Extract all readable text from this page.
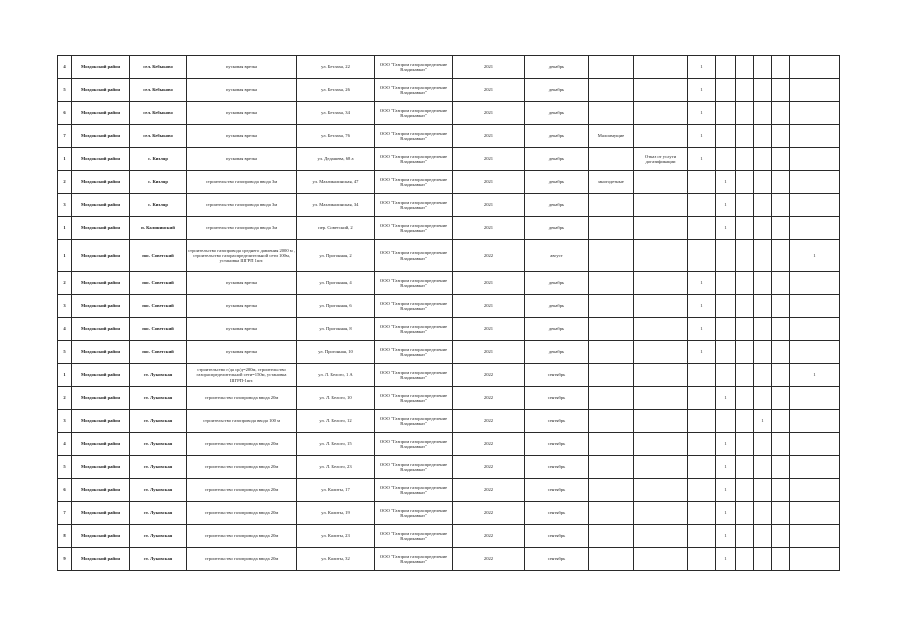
4	Моздокский район	сел. Кебыково	пусковая врезка	ул. Бетлаха, 22	ООО "Газпром газораспределение Владикавказ"	2021	декабрь			1					
5	Моздокский район	сел. Кебыково	пусковая врезка	ул. Бетлаха, 26	ООО "Газпром газораспределение Владикавказ"	2021	декабрь			1					
6	Моздокский район	сел. Кебыково	пусковая врезка	ул. Бетлаха, 34	ООО "Газпром газораспределение Владикавказ"	2021	декабрь			1					
7	Моздокский район	сел. Кебыково	пусковая врезка	ул. Бетлаха, 76	ООО "Газпром газораспределение Владикавказ"	2021	декабрь	Малоимущие		1					
1	Моздокский район	с. Кизляр	пусковая врезка	ул. Дедашева, 68 а	ООО "Газпром газораспределение Владикавказ"	2021	декабрь		Отказ от услуги догазификации	1					
2	Моздокский район	с. Кизляр	строительство газопровода ввода 3м	ул. Махачкалинская, 47	ООО "Газпром газораспределение Владикавказ"	2021	декабрь	многодетные			1				
3	Моздокский район	с. Кизляр	строительство газопровода ввода 3м	ул. Махачкалинская, 34	ООО "Газпром газораспределение Владикавказ"	2021	декабрь				1				
1	Моздокский район	п. Калининский	строительство газопровода ввода 3м	пер. Советский, 2	ООО "Газпром газораспределение Владикавказ"	2021	декабрь				1				
1	Моздокский район	пос. Советский	строительство газопровода среднего давления 2000 м , строительство газораспределительной сети 100м, установка ШГРП 1шт.	ул. Прогонная, 2	ООО "Газпром газораспределение Владикавказ"	2022	август								1
2	Моздокский район	пос. Советский	пусковая врезка	ул. Прогонная, 4	ООО "Газпром газораспределение Владикавказ"	2021	декабрь			1					
3	Моздокский район	пос. Советский	пусковая врезка	ул. Прогонная, 6	ООО "Газпром газораспределение Владикавказ"	2021	декабрь			1					
4	Моздокский район	пос. Советский	пусковая врезка	ул. Прогонная, 8	ООО "Газпром газораспределение Владикавказ"	2021	декабрь			1					
5	Моздокский район	пос. Советский	пусковая врезка	ул. Прогонная, 10	ООО "Газпром газораспределение Владикавказ"	2021	декабрь			1					
1	Моздокский район	ст. Луковская	строительство г/да ср/д=200м, строительство газораспределительной сети=150м, установка ШГРП-1шт.	ул. Л. Белого, 1 А	ООО "Газпром газораспределение Владикавказ"	2022	сентябрь								1
2	Моздокский район	ст. Луковская	строительство газопровода ввода 20м	ул. Л. Белого, 10	ООО "Газпром газораспределение Владикавказ"	2022	сентябрь				1				
3	Моздокский район	ст. Луковская	строительство газопровода ввода 100 м	ул. Л. Белого, 12	ООО "Газпром газораспределение Владикавказ"	2022	сентябрь						1		
4	Моздокский район	ст. Луковская	строительство газопровода ввода 20м	ул. Л. Белого, 15	ООО "Газпром газораспределение Владикавказ"	2022	сентябрь				1				
5	Моздокский район	ст. Луковская	строительство газопровода ввода 20м	ул. Л. Белого, 23	ООО "Газпром газораспределение Владикавказ"	2022	сентябрь				1				
6	Моздокский район	ст. Луковская	строительство газопровода ввода 20м	ул. Калиты, 17	ООО "Газпром газораспределение Владикавказ"	2022	сентябрь				1				
7	Моздокский район	ст. Луковская	строительство газопровода ввода 20м	ул. Калиты, 19	ООО "Газпром газораспределение Владикавказ"	2022	сентябрь				1				
8	Моздокский район	ст. Луковская	строительство газопровода ввода 20м	ул. Калиты, 23	ООО "Газпром газораспределение Владикавказ"	2022	сентябрь				1				
9	Моздокский район	ст. Луковская	строительство газопровода ввода 20м	ул. Калиты, 32	ООО "Газпром газораспределение Владикавказ"	2022	сентябрь				1				
